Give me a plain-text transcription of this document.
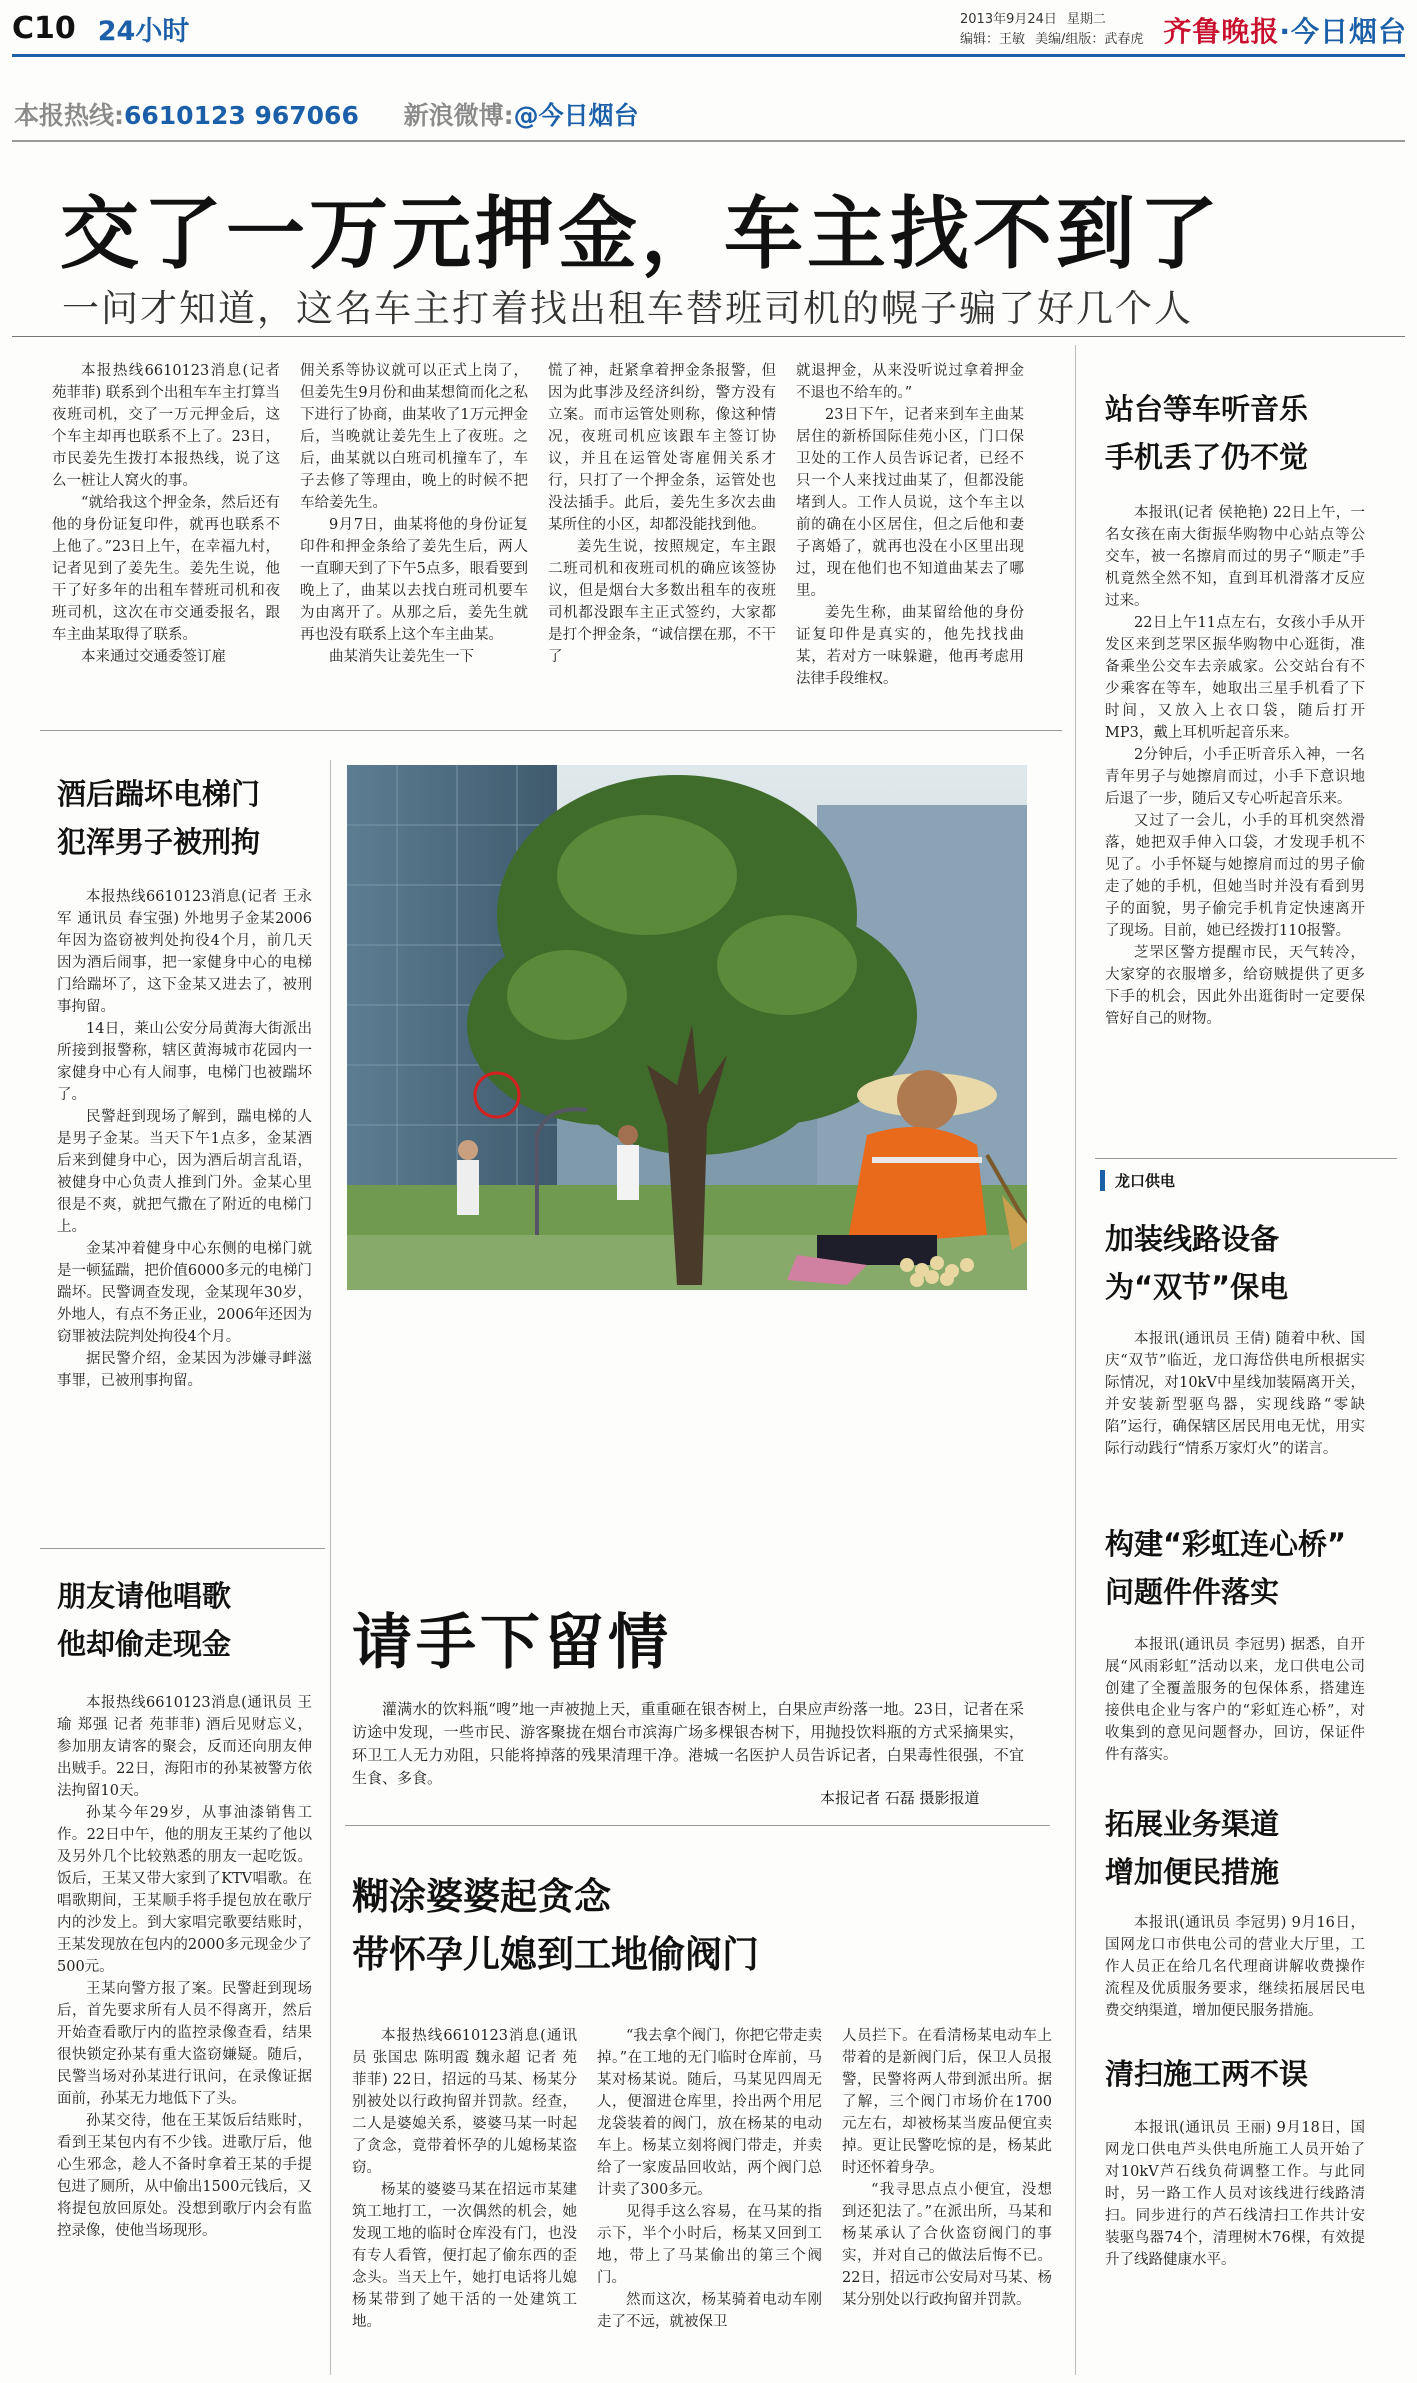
C10 24小时	2013年9月24日 星期二
编辑：王敏 美编/组版：武春虎 齐鲁晚报·今日烟台
本报热线:6610123 967066 新浪微博:@今日烟台
交了一万元押金，车主找不到了
一问才知道，这名车主打着找出租车替班司机的幌子骗了好几个人

本报热线6610123消息(记者 苑菲菲) 联系到个出租车车主打算当夜班司机，交了一万元押金后，这个车主却再也联系不上了。23日，市民姜先生拨打本报热线，说了这么一桩让人窝火的事。

“就给我这个押金条，然后还有他的身份证复印件，就再也联系不上他了。”23日上午，在幸福九村，记者见到了姜先生。姜先生说，他干了好多年的出租车替班司机和夜班司机，这次在市交通委报名，跟车主曲某取得了联系。

本来通过交通委签订雇

佣关系等协议就可以正式上岗了，但姜先生9月份和曲某想简而化之私下进行了协商，曲某收了1万元押金后，当晚就让姜先生上了夜班。之后，曲某就以白班司机撞车了，车子去修了等理由，晚上的时候不把车给姜先生。

9月7日，曲某将他的身份证复印件和押金条给了姜先生后，两人一直聊天到了下午5点多，眼看要到晚上了，曲某以去找白班司机要车为由离开了。从那之后，姜先生就再也没有联系上这个车主曲某。

曲某消失让姜先生一下

慌了神，赶紧拿着押金条报警，但因为此事涉及经济纠纷，警方没有立案。而市运管处则称，像这种情况，夜班司机应该跟车主签订协议，并且在运管处寄雇佣关系才行，只打了一个押金条，运管处也没法插手。此后，姜先生多次去曲某所住的小区，却都没能找到他。

姜先生说，按照规定，车主跟二班司机和夜班司机的确应该签协议，但是烟台大多数出租车的夜班司机都没跟车主正式签约，大家都是打个押金条，“诚信摆在那，不干了

就退押金，从来没听说过拿着押金不退也不给车的。”

23日下午，记者来到车主曲某居住的新桥国际佳苑小区，门口保卫处的工作人员告诉记者，已经不只一个人来找过曲某了，但都没能堵到人。工作人员说，这个车主以前的确在小区居住，但之后他和妻子离婚了，就再也没在小区里出现过，现在他们也不知道曲某去了哪里。

姜先生称，曲某留给他的身份证复印件是真实的，他先找找曲某，若对方一味躲避，他再考虑用法律手段维权。

站台等车听音乐
手机丢了仍不觉

本报讯(记者 侯艳艳) 22日上午，一名女孩在南大街振华购物中心站点等公交车，被一名擦肩而过的男子“顺走”手机竟然全然不知，直到耳机滑落才反应过来。

22日上午11点左右，女孩小手从开发区来到芝罘区振华购物中心逛街，准备乘坐公交车去亲戚家。公交站台有不少乘客在等车，她取出三星手机看了下时间，又放入上衣口袋，随后打开MP3，戴上耳机听起音乐来。

2分钟后，小手正听音乐入神，一名青年男子与她擦肩而过，小手下意识地后退了一步，随后又专心听起音乐来。

又过了一会儿，小手的耳机突然滑落，她把双手伸入口袋，才发现手机不见了。小手怀疑与她擦肩而过的男子偷走了她的手机，但她当时并没有看到男子的面貌，男子偷完手机肯定快速离开了现场。目前，她已经拨打110报警。

芝罘区警方提醒市民，天气转冷，大家穿的衣服增多，给窃贼提供了更多下手的机会，因此外出逛街时一定要保管好自己的财物。

龙口供电
加装线路设备
为“双节”保电

本报讯(通讯员 王倩) 随着中秋、国庆“双节”临近，龙口海岱供电所根据实际情况，对10kV中星线加装隔离开关，并安装新型驱鸟器，实现线路“零缺陷”运行，确保辖区居民用电无忧，用实际行动践行“情系万家灯火”的诺言。

构建“彩虹连心桥”
问题件件落实

本报讯(通讯员 李冠男) 据悉，自开展“风雨彩虹”活动以来，龙口供电公司创建了全覆盖服务的包保体系，搭建连接供电企业与客户的“彩虹连心桥”，对收集到的意见问题督办，回访，保证件件有落实。

拓展业务渠道
增加便民措施

本报讯(通讯员 李冠男) 9月16日，国网龙口市供电公司的营业大厅里，工作人员正在给几名代理商讲解收费操作流程及优质服务要求，继续拓展居民电费交纳渠道，增加便民服务措施。

清扫施工两不误

本报讯(通讯员 王丽) 9月18日，国网龙口供电芦头供电所施工人员开始了对10kV芦石线负荷调整工作。与此同时，另一路工作人员对该线进行线路清扫。同步进行的芦石线清扫工作共计安装驱鸟器74个，清理树木76棵，有效提升了线路健康水平。

酒后踹坏电梯门
犯浑男子被刑拘

本报热线6610123消息(记者 王永军 通讯员 春宝强) 外地男子金某2006年因为盗窃被判处拘役4个月，前几天因为酒后闹事，把一家健身中心的电梯门给踹坏了，这下金某又进去了，被刑事拘留。

14日，莱山公安分局黄海大街派出所接到报警称，辖区黄海城市花园内一家健身中心有人闹事，电梯门也被踹坏了。

民警赶到现场了解到，踹电梯的人是男子金某。当天下午1点多，金某酒后来到健身中心，因为酒后胡言乱语，被健身中心负责人推到门外。金某心里很是不爽，就把气撒在了附近的电梯门上。

金某冲着健身中心东侧的电梯门就是一顿猛踹，把价值6000多元的电梯门踹坏。民警调查发现，金某现年30岁，外地人，有点不务正业，2006年还因为窃罪被法院判处拘役4个月。

据民警介绍，金某因为涉嫌寻衅滋事罪，已被刑事拘留。

朋友请他唱歌
他却偷走现金

本报热线6610123消息(通讯员 王瑜 郑强 记者 苑菲菲) 酒后见财忘义，参加朋友请客的聚会，反而还向朋友伸出贼手。22日，海阳市的孙某被警方依法拘留10天。

孙某今年29岁，从事油漆销售工作。22日中午，他的朋友王某约了他以及另外几个比较熟悉的朋友一起吃饭。饭后，王某又带大家到了KTV唱歌。在唱歌期间，王某顺手将手提包放在歌厅内的沙发上。到大家唱完歌要结账时，王某发现放在包内的2000多元现金少了500元。

王某向警方报了案。民警赶到现场后，首先要求所有人员不得离开，然后开始查看歌厅内的监控录像查看，结果很快锁定孙某有重大盗窃嫌疑。随后，民警当场对孙某进行讯问，在录像证据面前，孙某无力地低下了头。

孙某交待，他在王某饭后结账时，看到王某包内有不少钱。进歌厅后，他心生邪念，趁人不备时拿着王某的手提包进了厕所，从中偷出1500元钱后，又将提包放回原处。没想到歌厅内会有监控录像，使他当场现形。

请手下留情

灌满水的饮料瓶“嗖”地一声被抛上天，重重砸在银杏树上，白果应声纷落一地。23日，记者在采访途中发现，一些市民、游客聚拢在烟台市滨海广场多棵银杏树下，用抛投饮料瓶的方式采摘果实，环卫工人无力劝阻，只能将掉落的残果清理干净。港城一名医护人员告诉记者，白果毒性很强，不宜生食、多食。

本报记者 石磊 摄影报道
糊涂婆婆起贪念
带怀孕儿媳到工地偷阀门

本报热线6610123消息(通讯员 张国忠 陈明霞 魏永超 记者 苑菲菲) 22日，招远的马某、杨某分别被处以行政拘留并罚款。经查，二人是婆媳关系，婆婆马某一时起了贪念，竟带着怀孕的儿媳杨某盗窃。

杨某的婆婆马某在招远市某建筑工地打工，一次偶然的机会，她发现工地的临时仓库没有门，也没有专人看管，便打起了偷东西的歪念头。当天上午，她打电话将儿媳杨某带到了她干活的一处建筑工地。

“我去拿个阀门，你把它带走卖掉。”在工地的无门临时仓库前，马某对杨某说。随后，马某见四周无人，便溜进仓库里，拎出两个用尼龙袋装着的阀门，放在杨某的电动车上。杨某立刻将阀门带走，并卖给了一家废品回收站，两个阀门总计卖了300多元。

见得手这么容易，在马某的指示下，半个小时后，杨某又回到工地，带上了马某偷出的第三个阀门。

然而这次，杨某骑着电动车刚走了不远，就被保卫

人员拦下。在看清杨某电动车上带着的是新阀门后，保卫人员报警，民警将两人带到派出所。据了解，三个阀门市场价在1700元左右，却被杨某当废品便宜卖掉。更让民警吃惊的是，杨某此时还怀着身孕。

“我寻思点点小便宜，没想到还犯法了。”在派出所，马某和杨某承认了合伙盗窃阀门的事实，并对自己的做法后悔不已。22日，招远市公安局对马某、杨某分别处以行政拘留并罚款。
